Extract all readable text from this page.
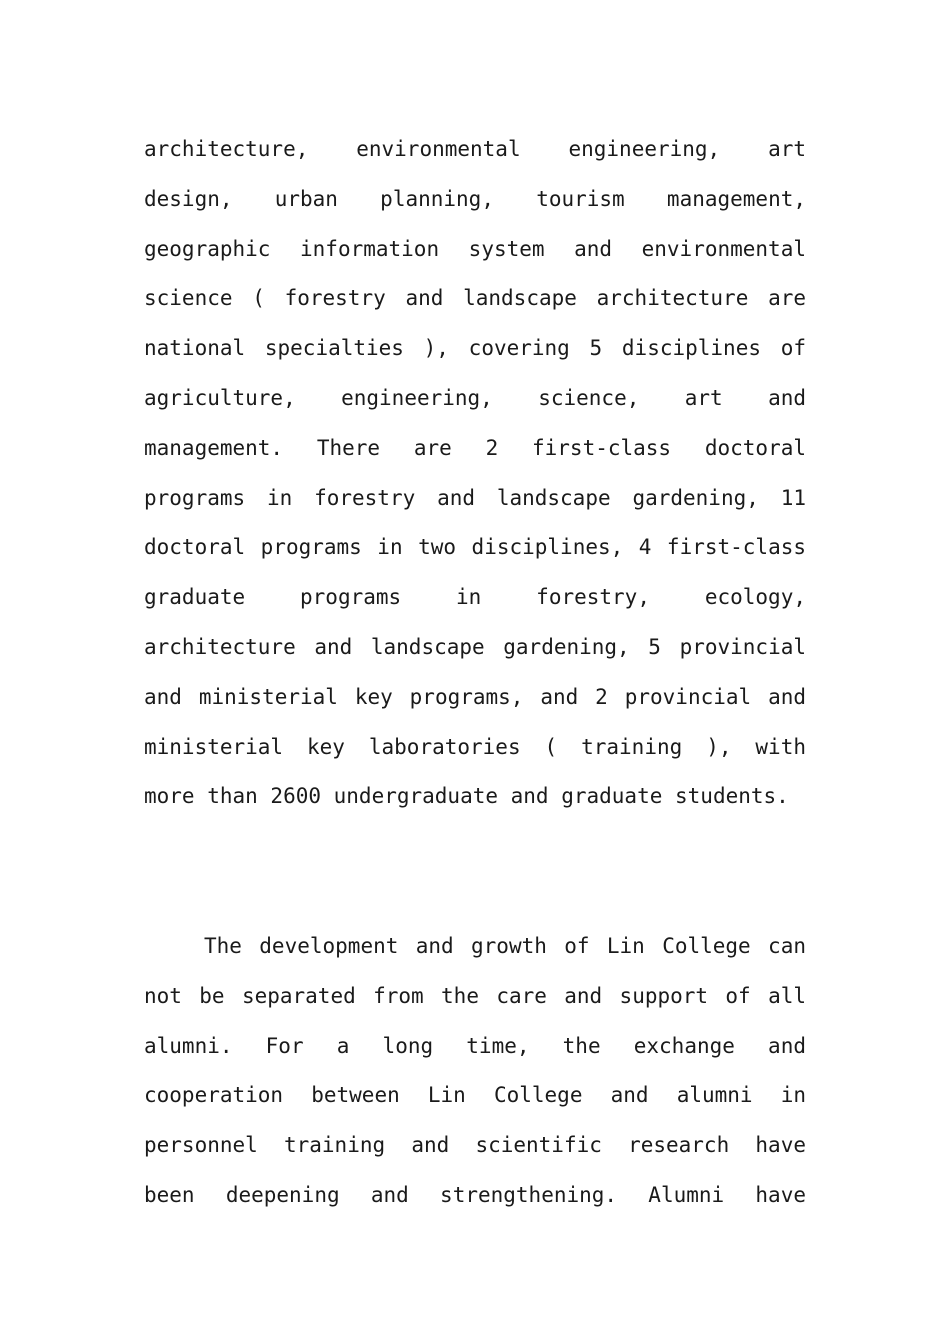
architecture, environmental engineering, art
design, urban planning, tourism management,
geographic information system and environmental
science ( forestry and landscape architecture are
national specialties ), covering 5 disciplines of
agriculture, engineering, science, art and
management. There are 2 first-class doctoral
programs in forestry and landscape gardening, 11
doctoral programs in two disciplines, 4 first-class
graduate programs in forestry, ecology,
architecture and landscape gardening, 5 provincial
and ministerial key programs, and 2 provincial and
ministerial key laboratories ( training ), with
more than 2600 undergraduate and graduate students.
The development and growth of Lin College can
not be separated from the care and support of all
alumni. For a long time, the exchange and
cooperation between Lin College and alumni in
personnel training and scientific research have
been deepening and strengthening. Alumni have
